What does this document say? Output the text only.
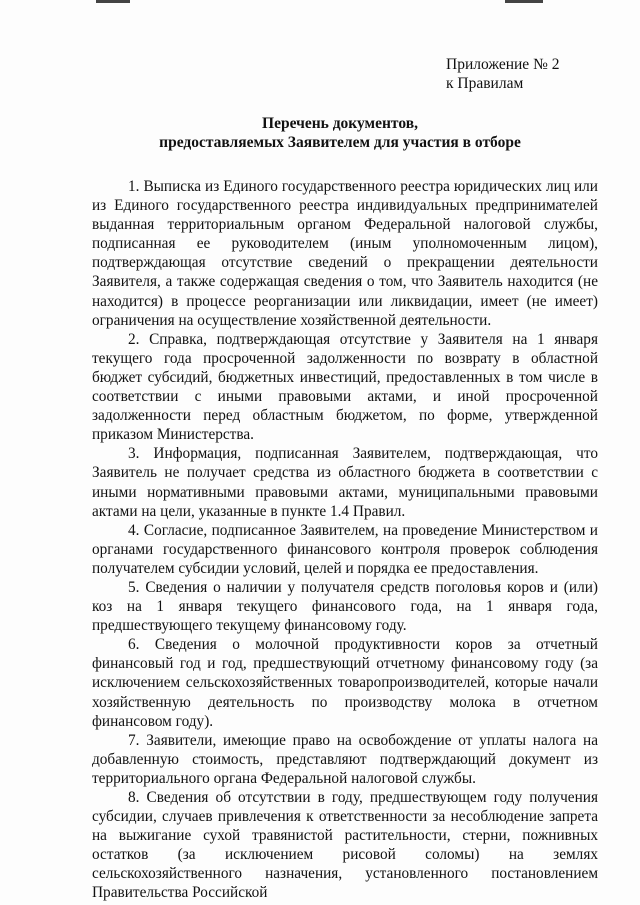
Приложение № 2
к Правилам
Перечень документов,
предоставляемых Заявителем для участия в отборе

1. Выписка из Единого государственного реестра юридических лиц или из Единого государственного реестра индивидуальных предпринимателей выданная территориальным органом Федеральной налоговой службы, подписанная ее руководителем (иным уполномоченным лицом), подтверждающая отсутствие сведений о прекращении деятельности Заявителя, а также содержащая сведения о том, что Заявитель находится (не находится) в процессе реорганизации или ликвидации, имеет (не имеет) ограничения на осуществление хозяйственной деятельности.

2. Справка, подтверждающая отсутствие у Заявителя на 1 января текущего года просроченной задолженности по возврату в областной бюджет субсидий, бюджетных инвестиций, предоставленных в том числе в соответствии с иными правовыми актами, и иной просроченной задолженности перед областным бюджетом, по форме, утвержденной приказом Министерства.

3. Информация, подписанная Заявителем, подтверждающая, что Заявитель не получает средства из областного бюджета в соответствии с иными нормативными правовыми актами, муниципальными правовыми актами на цели, указанные в пункте 1.4 Правил.

4. Согласие, подписанное Заявителем, на проведение Министерством и органами государственного финансового контроля проверок соблюдения получателем субсидии условий, целей и порядка ее предоставления.

5. Сведения о наличии у получателя средств поголовья коров и (или) коз на 1 января текущего финансового года, на 1 января года, предшествующего текущему финансовому году.

6. Сведения о молочной продуктивности коров за отчетный финансовый год и год, предшествующий отчетному финансовому году (за исключением сельскохозяйственных товаропроизводителей, которые начали хозяйственную деятельность по производству молока в отчетном финансовом году).

7. Заявители, имеющие право на освобождение от уплаты налога на добавленную стоимость, представляют подтверждающий документ из территориального органа Федеральной налоговой службы.

8. Сведения об отсутствии в году, предшествующем году получения субсидии, случаев привлечения к ответственности за несоблюдение запрета на выжигание сухой травянистой растительности, стерни, пожнивных остатков (за исключением рисовой соломы) на землях сельскохозяйственного назначения, установленного постановлением Правительства Российской
